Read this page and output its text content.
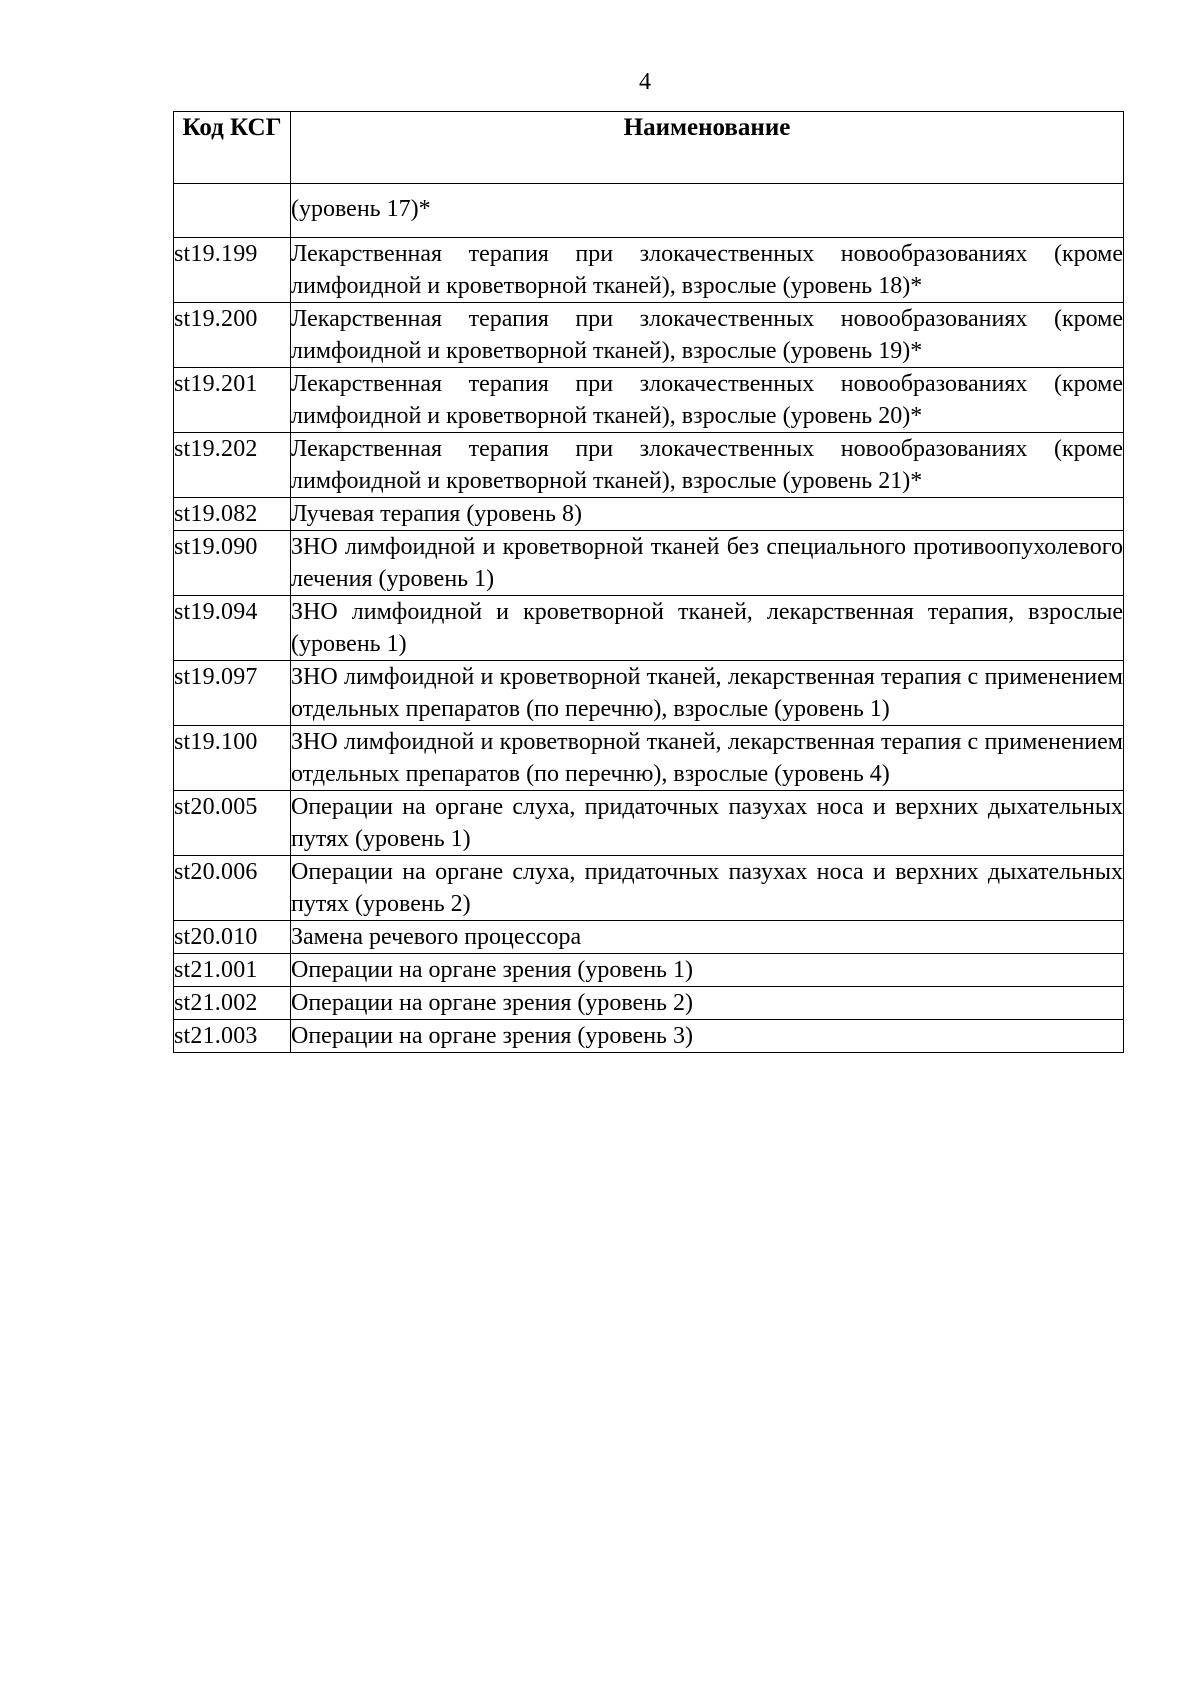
4
Код КСГ	Наименование
	(уровень 17)*
st19.199	Лекарственная терапия при злокачественных новообразованиях (кроме лимфоидной и кроветворной тканей), взрослые (уровень 18)*
st19.200	Лекарственная терапия при злокачественных новообразованиях (кроме лимфоидной и кроветворной тканей), взрослые (уровень 19)*
st19.201	Лекарственная терапия при злокачественных новообразованиях (кроме лимфоидной и кроветворной тканей), взрослые (уровень 20)*
st19.202	Лекарственная терапия при злокачественных новообразованиях (кроме лимфоидной и кроветворной тканей), взрослые (уровень 21)*
st19.082	Лучевая терапия (уровень 8)
st19.090	ЗНО лимфоидной и кроветворной тканей без специального противоопухолевого лечения (уровень 1)
st19.094	ЗНО лимфоидной и кроветворной тканей, лекарственная терапия, взрослые (уровень 1)
st19.097	ЗНО лимфоидной и кроветворной тканей, лекарственная терапия с применением отдельных препаратов (по перечню), взрослые (уровень 1)
st19.100	ЗНО лимфоидной и кроветворной тканей, лекарственная терапия с применением отдельных препаратов (по перечню), взрослые (уровень 4)
st20.005	Операции на органе слуха, придаточных пазухах носа и верхних дыхательных путях (уровень 1)
st20.006	Операции на органе слуха, придаточных пазухах носа и верхних дыхательных путях (уровень 2)
st20.010	Замена речевого процессора
st21.001	Операции на органе зрения (уровень 1)
st21.002	Операции на органе зрения (уровень 2)
st21.003	Операции на органе зрения (уровень 3)
